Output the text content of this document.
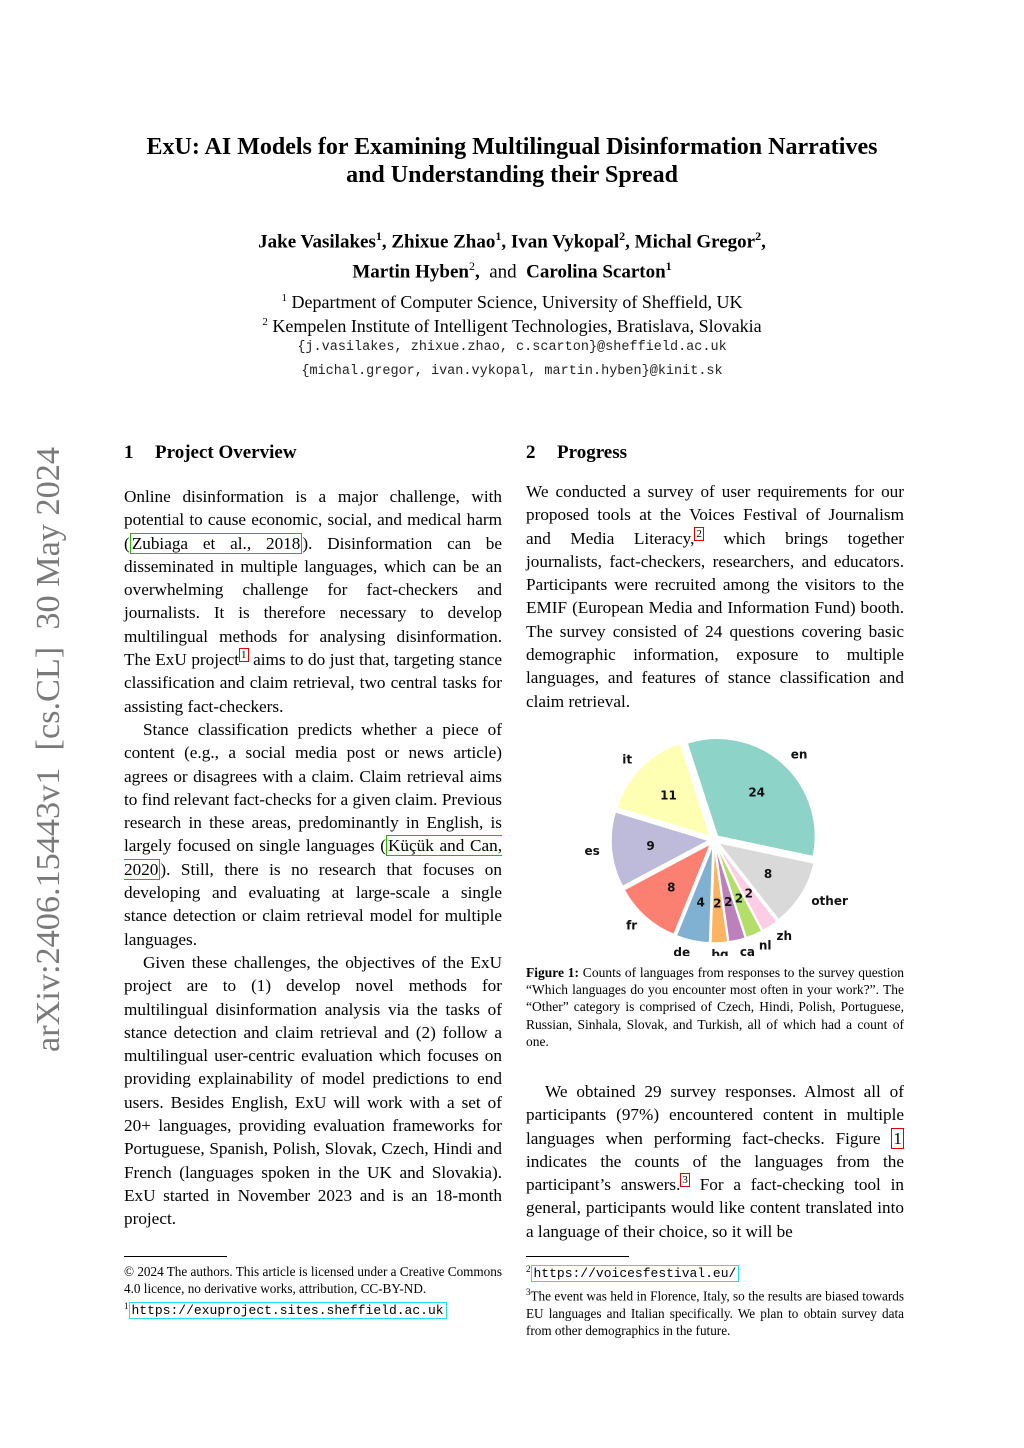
arXiv:2406.15443v1  [cs.CL]  30 May 2024
ExU: AI Models for Examining Multilingual Disinformation Narratives
and Understanding their Spread
Jake Vasilakes$^1$, Zhixue Zhao$^1$, Ivan Vykopal$^2$, Michal Gregor$^2$,
Martin Hyben$^2$,  and Carolina Scarton$^1$
$^1$ Department of Computer Science, University of Sheffield, UK
$^2$ Kempelen Institute of Intelligent Technologies, Bratislava, Slovakia
{j.vasilakes, zhixue.zhao, c.scarton}@sheffield.ac.uk
{michal.gregor, ivan.vykopal, martin.hyben}@kinit.sk
1 Project Overview

Online disinformation is a major challenge, with potential to cause economic, social, and medical harm ( Zubiaga et al., 2018 ). Disinformation can be disseminated in multiple languages, which can be an overwhelming challenge for fact-checkers and journalists. It is therefore necessary to develop multilingual methods for analysing disinformation. The ExU project $^1$ aims to do just that, targeting stance classification and claim retrieval, two central tasks for assisting fact-checkers.

Stance classification predicts whether a piece of content (e.g., a social media post or news article) agrees or disagrees with a claim. Claim retrieval aims to find relevant fact-checks for a given claim. Previous research in these areas, predominantly in English, is largely focused on single languages ( Küçük and Can, 2020 ). Still, there is no research that focuses on developing and evaluating at large-scale a single stance detection or claim retrieval model for multiple languages.

Given these challenges, the objectives of the ExU project are to (1) develop novel methods for multilingual disinformation analysis via the tasks of stance detection and claim retrieval and (2) follow a multilingual user-centric evaluation which focuses on providing explainability of model predictions to end users. Besides English, ExU will work with a set of 20+ languages, providing evaluation frameworks for Portuguese, Spanish, Polish, Slovak, Czech, Hindi and French (languages spoken in the UK and Slovakia). ExU started in November 2023 and is an 18-month project.

© 2024 The authors. This article is licensed under a Creative Commons 4.0 licence, no derivative works, attribution, CC-BY-ND.

$^1$ https://exuproject.sites.sheffield.ac.uk

2 Progress

We conducted a survey of user requirements for our proposed tools at the Voices Festival of Journalism and Media Literacy, $^2$ which brings together journalists, fact-checkers, researchers, and educators. Participants were recruited among the visitors to the EMIF (European Media and Information Fund) booth. The survey consisted of 24 questions covering basic demographic information, exposure to multiple languages, and features of stance classification and claim retrieval.

24
en
8
other
2
zh
2
nl
2
ca
2
bg
4
de
8
fr
9
es
11
it
Figure 1: Counts of languages from responses to the survey question “Which languages do you encounter most often in your work?”. The “Other” category is comprised of Czech, Hindi, Polish, Portuguese, Russian, Sinhala, Slovak, and Turkish, all of which had a count of one.

We obtained 29 survey responses. Almost all of participants (97%) encountered content in multiple languages when performing fact-checks. Figure 1 indicates the counts of the languages from the participant’s answers. $^3$ For a fact-checking tool in general, participants would like content translated into a language of their choice, so it will be

$^2$ https://voicesfestival.eu/

$^3$The event was held in Florence, Italy, so the results are biased towards EU languages and Italian specifically. We plan to obtain survey data from other demographics in the future.
